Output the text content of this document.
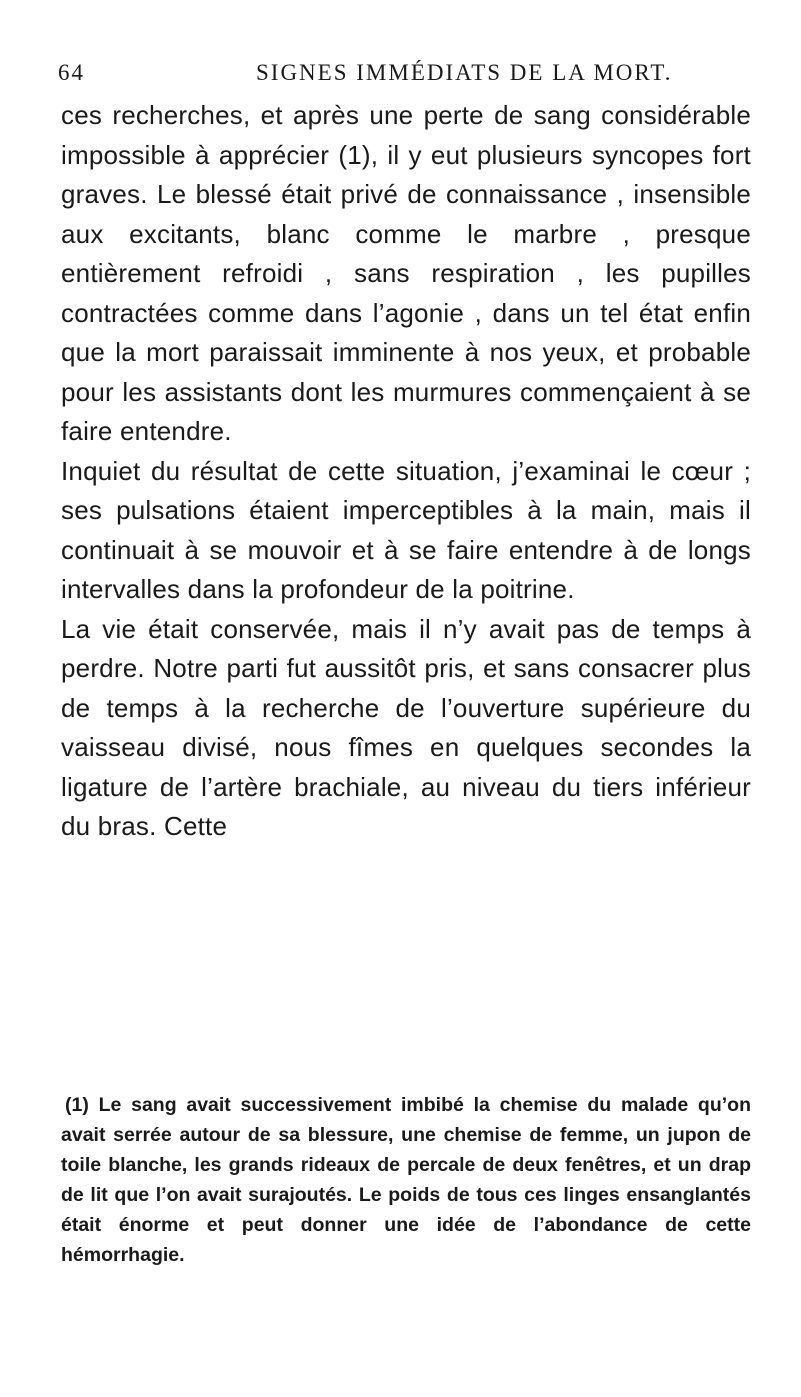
64	SIGNES IMMÉDIATS DE LA MORT.

ces recherches, et après une perte de sang considérable impossible à apprécier (1), il y eut plusieurs syncopes fort graves. Le blessé était privé de connaissance , insensible aux excitants, blanc comme le marbre , presque entièrement refroidi , sans respiration , les pupilles contractées comme dans l’agonie , dans un tel état enfin que la mort paraissait imminente à nos yeux, et probable pour les assistants dont les murmures commençaient à se faire entendre.

Inquiet du résultat de cette situation, j’examinai le cœur ; ses pulsations étaient imperceptibles à la main, mais il continuait à se mouvoir et à se faire entendre à de longs intervalles dans la profondeur de la poitrine.

La vie était conservée, mais il n’y avait pas de temps à perdre. Notre parti fut aussitôt pris, et sans consacrer plus de temps à la recherche de l’ouverture supérieure du vaisseau divisé, nous fîmes en quelques secondes la ligature de l’artère brachiale, au niveau du tiers inférieur du bras. Cette

(1) Le sang avait successivement imbibé la chemise du malade qu’on avait serrée autour de sa blessure, une chemise de femme, un jupon de toile blanche, les grands rideaux de percale de deux fenêtres, et un drap de lit que l’on avait surajoutés. Le poids de tous ces linges ensanglantés était énorme et peut donner une idée de l’abondance de cette hémorrhagie.
